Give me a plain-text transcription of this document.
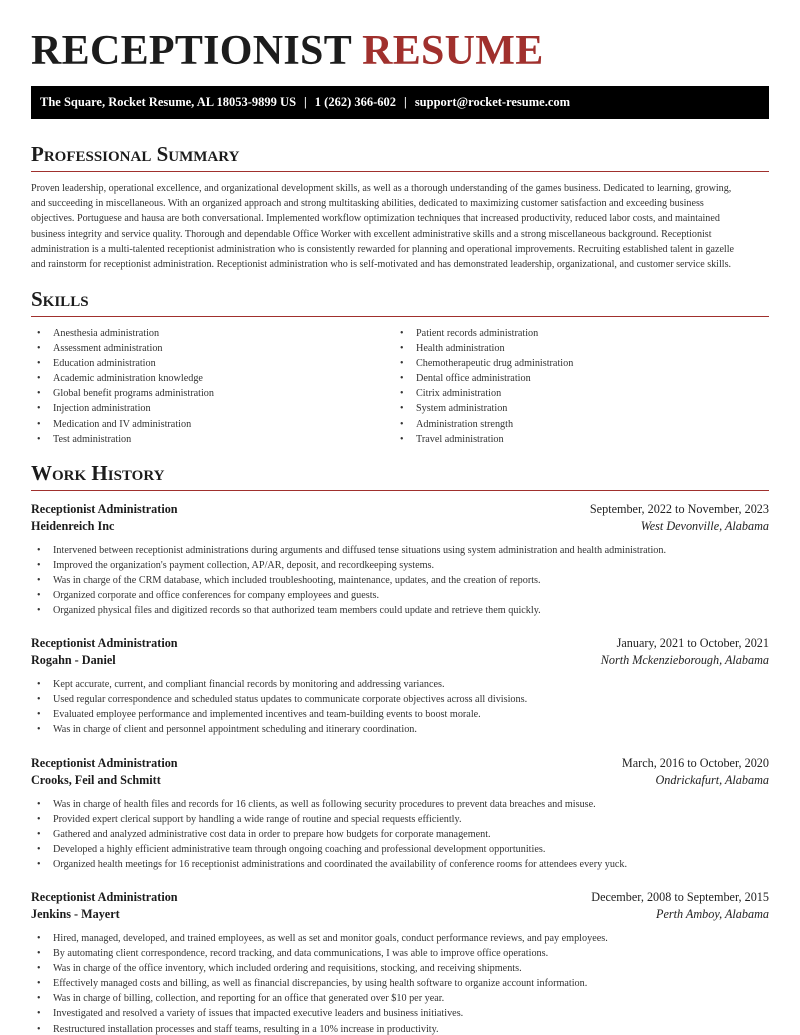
RECEPTIONIST RESUME
The Square, Rocket Resume, AL 18053-9899 US | 1 (262) 366-602 | support@rocket-resume.com
Professional Summary
Proven leadership, operational excellence, and organizational development skills, as well as a thorough understanding of the games business. Dedicated to learning, growing,
and succeeding in miscellaneous. With an organized approach and strong multitasking abilities, dedicated to maximizing customer satisfaction and exceeding business
objectives. Portuguese and hausa are both conversational. Implemented workflow optimization techniques that increased productivity, reduced labor costs, and maintained
business integrity and service quality. Thorough and dependable Office Worker with excellent administrative skills and a strong miscellaneous background. Receptionist
administration is a multi-talented receptionist administration who is consistently rewarded for planning and operational improvements. Recruiting established talent in gazelle
and rainstorm for receptionist administration. Receptionist administration who is self-motivated and has demonstrated leadership, organizational, and customer service skills.
Skills
• Anesthesia administration
• Assessment administration
• Education administration
• Academic administration knowledge
• Global benefit programs administration
• Injection administration
• Medication and IV administration
• Test administration
• Patient records administration
• Health administration
• Chemotherapeutic drug administration
• Dental office administration
• Citrix administration
• System administration
• Administration strength
• Travel administration
Work History
Receptionist Administration	September, 2022 to November, 2023
Heidenreich Inc	West Devonville, Alabama
• Intervened between receptionist administrations during arguments and diffused tense situations using system administration and health administration.
• Improved the organization's payment collection, AP/AR, deposit, and recordkeeping systems.
• Was in charge of the CRM database, which included troubleshooting, maintenance, updates, and the creation of reports.
• Organized corporate and office conferences for company employees and guests.
• Organized physical files and digitized records so that authorized team members could update and retrieve them quickly.
Receptionist Administration	January, 2021 to October, 2021
Rogahn - Daniel	North Mckenzieborough, Alabama
• Kept accurate, current, and compliant financial records by monitoring and addressing variances.
• Used regular correspondence and scheduled status updates to communicate corporate objectives across all divisions.
• Evaluated employee performance and implemented incentives and team-building events to boost morale.
• Was in charge of client and personnel appointment scheduling and itinerary coordination.
Receptionist Administration	March, 2016 to October, 2020
Crooks, Feil and Schmitt	Ondrickafurt, Alabama
• Was in charge of health files and records for 16 clients, as well as following security procedures to prevent data breaches and misuse.
• Provided expert clerical support by handling a wide range of routine and special requests efficiently.
• Gathered and analyzed administrative cost data in order to prepare how budgets for corporate management.
• Developed a highly efficient administrative team through ongoing coaching and professional development opportunities.
• Organized health meetings for 16 receptionist administrations and coordinated the availability of conference rooms for attendees every yuck.
Receptionist Administration	December, 2008 to September, 2015
Jenkins - Mayert	Perth Amboy, Alabama
• Hired, managed, developed, and trained employees, as well as set and monitor goals, conduct performance reviews, and pay employees.
• By automating client correspondence, record tracking, and data communications, I was able to improve office operations.
• Was in charge of the office inventory, which included ordering and requisitions, stocking, and receiving shipments.
• Effectively managed costs and billing, as well as financial discrepancies, by using health software to organize account information.
• Was in charge of billing, collection, and reporting for an office that generated over $10 per year.
• Investigated and resolved a variety of issues that impacted executive leaders and business initiatives.
• Restructured installation processes and staff teams, resulting in a 10% increase in productivity.
